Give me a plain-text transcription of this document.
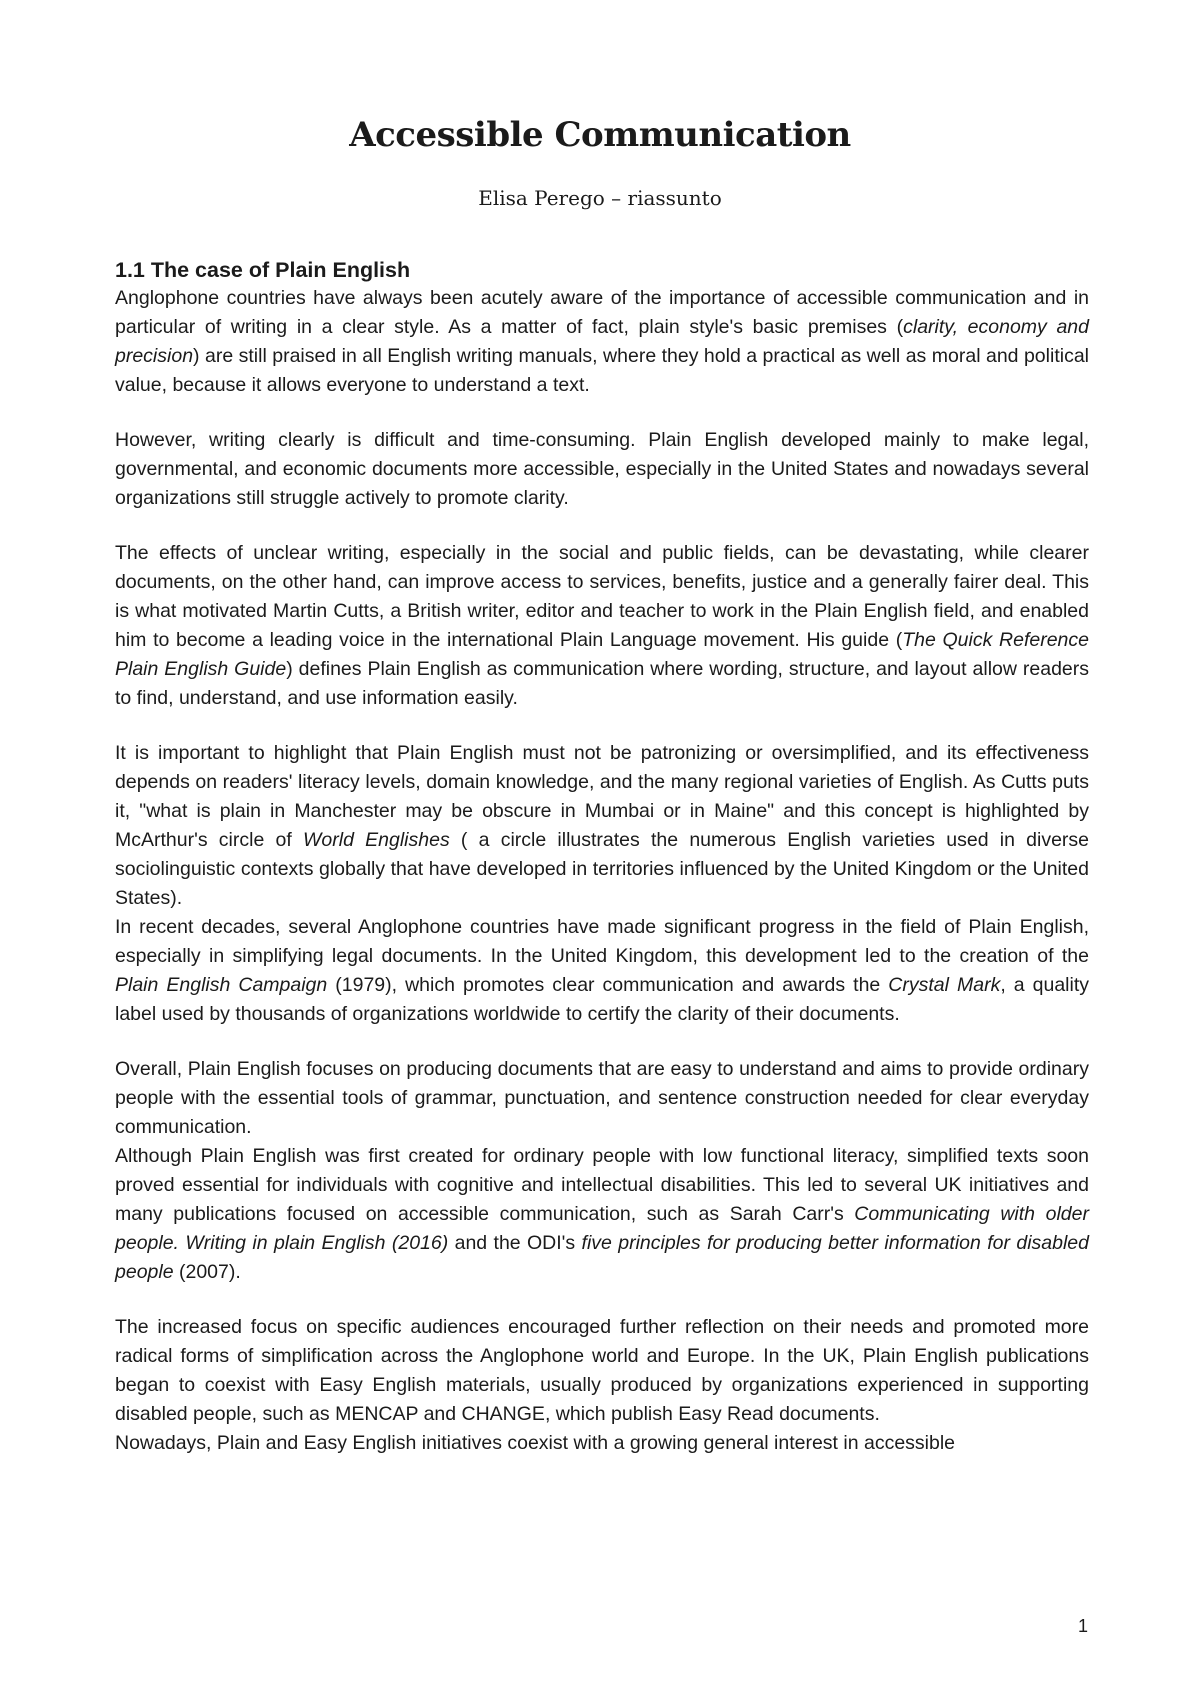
Accessible Communication
Elisa Perego – riassunto
1.1 The case of Plain English

Anglophone countries have always been acutely aware of the importance of accessible communication and in particular of writing in a clear style. As a matter of fact, plain style's basic premises (clarity, economy and precision) are still praised in all English writing manuals, where they hold a practical as well as moral and political value, because it allows everyone to understand a text.

However, writing clearly is difficult and time-consuming. Plain English developed mainly to make legal, governmental, and economic documents more accessible, especially in the United States and nowadays several organizations still struggle actively to promote clarity.

The effects of unclear writing, especially in the social and public fields, can be devastating, while clearer documents, on the other hand, can improve access to services, benefits, justice and a generally fairer deal. This is what motivated Martin Cutts, a British writer, editor and teacher to work in the Plain English field, and enabled him to become a leading voice in the international Plain Language movement. His guide (The Quick Reference Plain English Guide) defines Plain English as communication where wording, structure, and layout allow readers to find, understand, and use information easily.

It is important to highlight that Plain English must not be patronizing or oversimplified, and its effectiveness depends on readers' literacy levels, domain knowledge, and the many regional varieties of English. As Cutts puts it, "what is plain in Manchester may be obscure in Mumbai or in Maine" and this concept is highlighted by McArthur's circle of World Englishes ( a circle illustrates the numerous English varieties used in diverse sociolinguistic contexts globally that have developed in territories influenced by the United Kingdom or the United States).

In recent decades, several Anglophone countries have made significant progress in the field of Plain English, especially in simplifying legal documents. In the United Kingdom, this development led to the creation of the Plain English Campaign (1979), which promotes clear communication and awards the Crystal Mark, a quality label used by thousands of organizations worldwide to certify the clarity of their documents.

Overall, Plain English focuses on producing documents that are easy to understand and aims to provide ordinary people with the essential tools of grammar, punctuation, and sentence construction needed for clear everyday communication.

Although Plain English was first created for ordinary people with low functional literacy, simplified texts soon proved essential for individuals with cognitive and intellectual disabilities. This led to several UK initiatives and many publications focused on accessible communication, such as Sarah Carr's Communicating with older people. Writing in plain English (2016) and the ODI's five principles for producing better information for disabled people (2007).

The increased focus on specific audiences encouraged further reflection on their needs and promoted more radical forms of simplification across the Anglophone world and Europe. In the UK, Plain English publications began to coexist with Easy English materials, usually produced by organizations experienced in supporting disabled people, such as MENCAP and CHANGE, which publish Easy Read documents.

Nowadays, Plain and Easy English initiatives coexist with a growing general interest in accessible

1
